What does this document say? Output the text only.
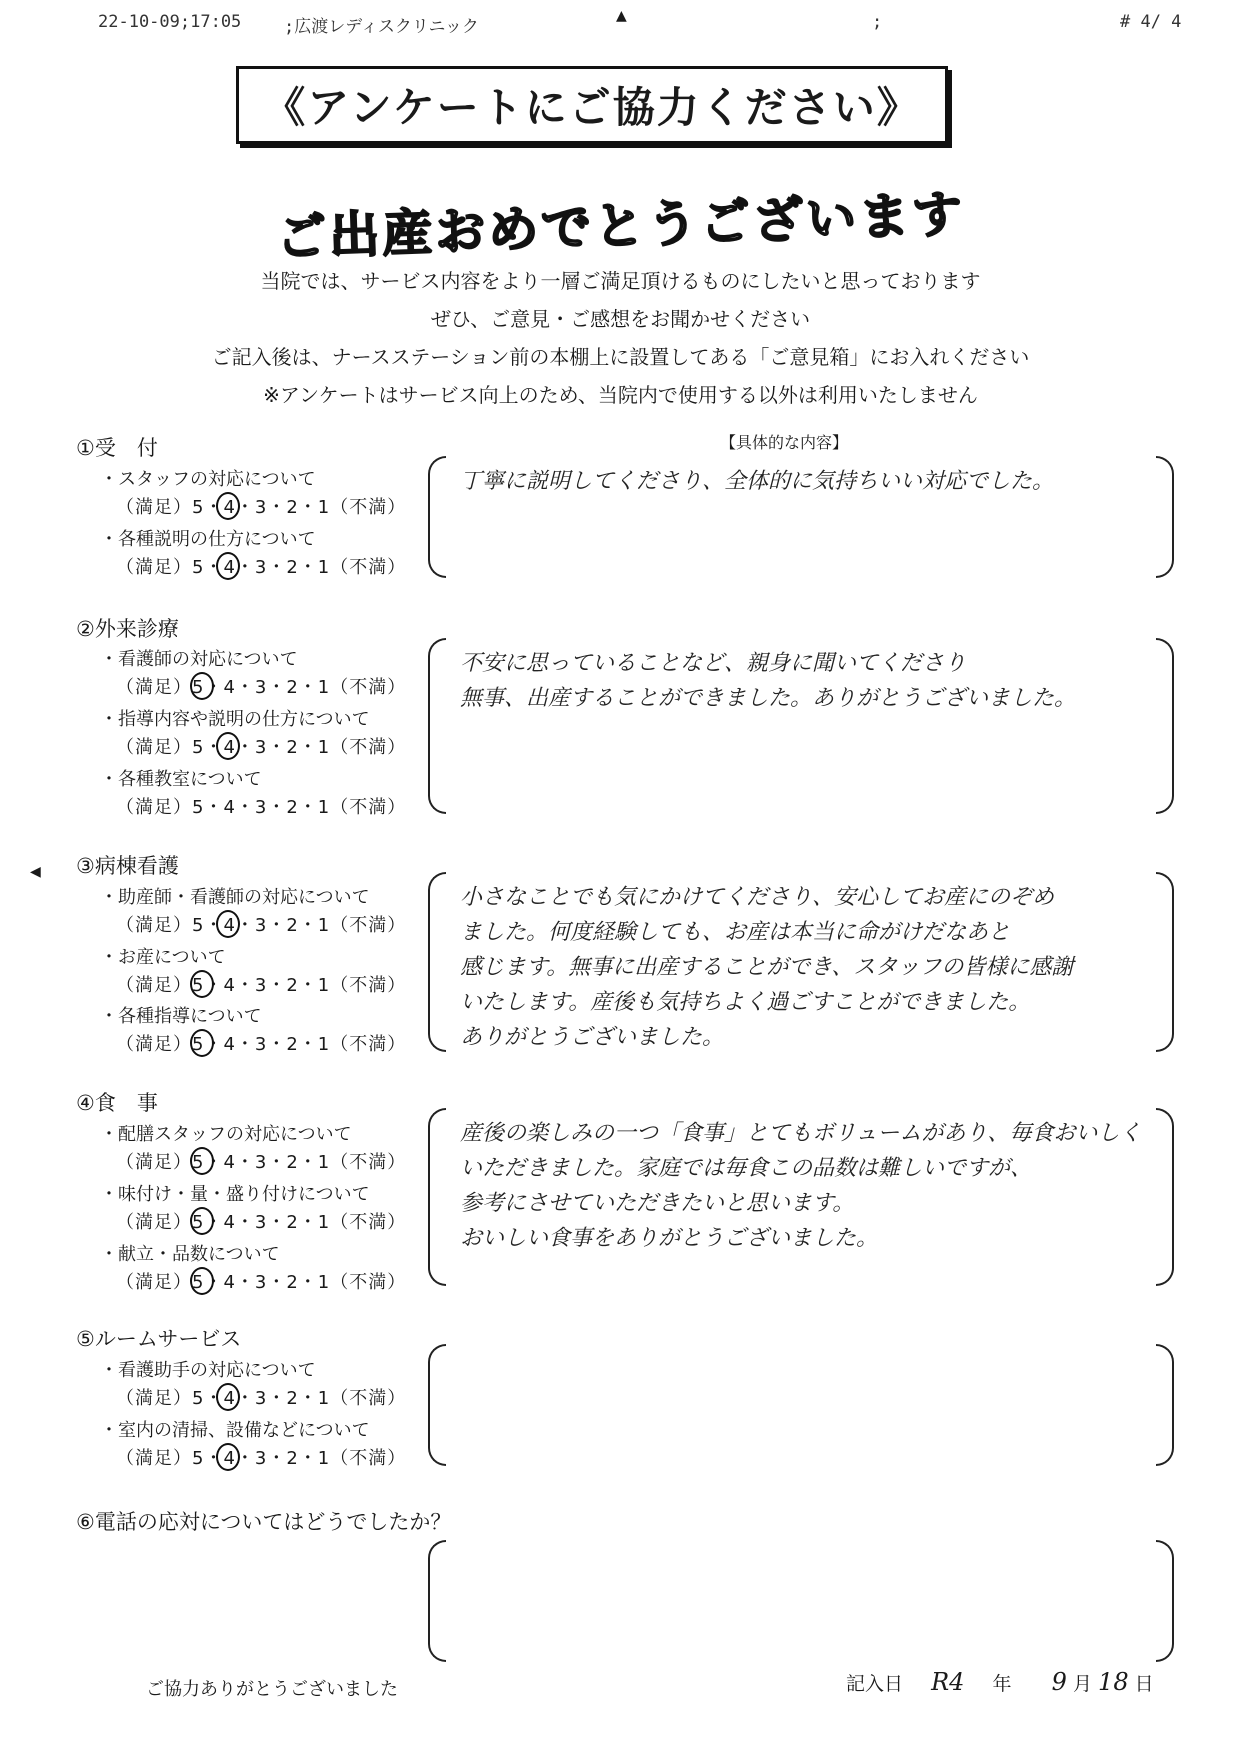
22-10-09;17:05	;広渡レディスクリニック	;	# 4/ 4
▲
◀
《アンケートにご協力ください》
ご出産おめでとうございます
当院では、サービス内容をより一層ご満足頂けるものにしたいと思っております
ぜひ、ご意見・ご感想をお聞かせください
ご記入後は、ナースステーション前の本棚上に設置してある「ご意見箱」にお入れください
※アンケートはサービス向上のため、当院内で使用する以外は利用いたしません
【具体的な内容】
①受　付
・スタッフの対応について
（満足）5・4・3・2・1（不満）
・各種説明の仕方について
（満足）5・4・3・2・1（不満）
丁寧に説明してくださり、全体的に気持ちいい対応でした。
②外来診療
・看護師の対応について
（満足）5・4・3・2・1（不満）
・指導内容や説明の仕方について
（満足）5・4・3・2・1（不満）
・各種教室について
（満足）5・4・3・2・1（不満）
不安に思っていることなど、親身に聞いてくださり
無事、出産することができました。ありがとうございました。
③病棟看護
・助産師・看護師の対応について
（満足）5・4・3・2・1（不満）
・お産について
（満足）5・4・3・2・1（不満）
・各種指導について
（満足）5・4・3・2・1（不満）
小さなことでも気にかけてくださり、安心してお産にのぞめ
ました。何度経験しても、お産は本当に命がけだなあと
感じます。無事に出産することができ、スタッフの皆様に感謝
いたします。産後も気持ちよく過ごすことができました。
ありがとうございました。
④食　事
・配膳スタッフの対応について
（満足）5・4・3・2・1（不満）
・味付け・量・盛り付けについて
（満足）5・4・3・2・1（不満）
・献立・品数について
（満足）5・4・3・2・1（不満）
産後の楽しみの一つ「食事」とてもボリュームがあり、毎食おいしく
いただきました。家庭では毎食この品数は難しいですが、
参考にさせていただきたいと思います。
おいしい食事をありがとうございました。
⑤ルームサービス
・看護助手の対応について
（満足）5・4・3・2・1（不満）
・室内の清掃、設備などについて
（満足）5・4・3・2・1（不満）
⑥電話の応対についてはどうでしたか？
ご協力ありがとうございました	記入日 R4 年 9 月 18 日
